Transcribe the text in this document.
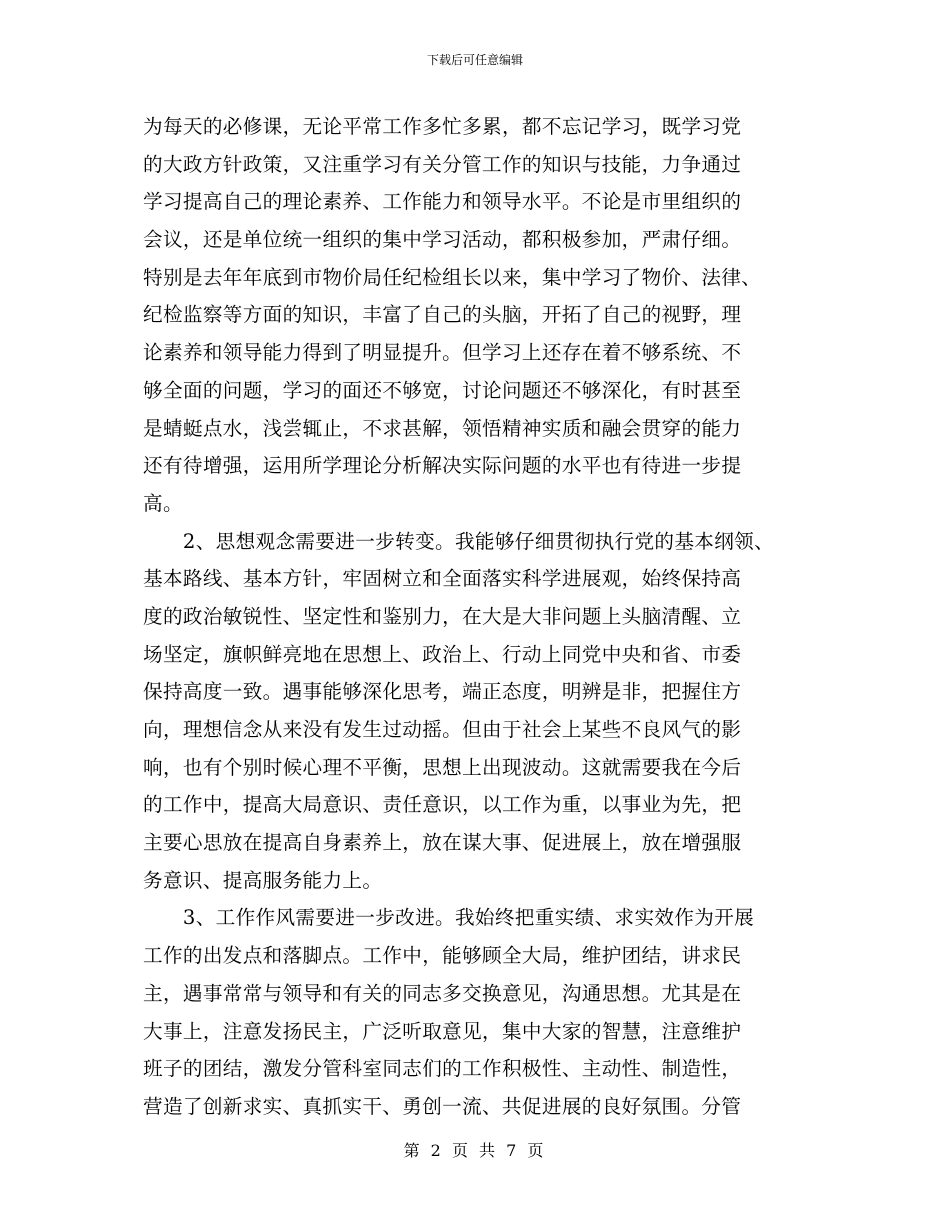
下载后可任意编辑
为每天的必修课，无论平常工作多忙多累，都不忘记学习，既学习党
的大政方针政策，又注重学习有关分管工作的知识与技能，力争通过
学习提高自己的理论素养、工作能力和领导水平。不论是市里组织的
会议，还是单位统一组织的集中学习活动，都积极参加，严肃仔细。
特别是去年年底到市物价局任纪检组长以来，集中学习了物价、法律、
纪检监察等方面的知识，丰富了自己的头脑，开拓了自己的视野，理
论素养和领导能力得到了明显提升。但学习上还存在着不够系统、不
够全面的问题，学习的面还不够宽，讨论问题还不够深化，有时甚至
是蜻蜓点水，浅尝辄止，不求甚解，领悟精神实质和融会贯穿的能力
还有待增强，运用所学理论分析解决实际问题的水平也有待进一步提
高。
　　2、思想观念需要进一步转变。我能够仔细贯彻执行党的基本纲领、
基本路线、基本方针，牢固树立和全面落实科学进展观，始终保持高
度的政治敏锐性、坚定性和鉴别力，在大是大非问题上头脑清醒、立
场坚定，旗帜鲜亮地在思想上、政治上、行动上同党中央和省、市委
保持高度一致。遇事能够深化思考，端正态度，明辨是非，把握住方
向，理想信念从来没有发生过动摇。但由于社会上某些不良风气的影
响，也有个别时候心理不平衡，思想上出现波动。这就需要我在今后
的工作中，提高大局意识、责任意识，以工作为重，以事业为先，把
主要心思放在提高自身素养上，放在谋大事、促进展上，放在增强服
务意识、提高服务能力上。
　　3、工作作风需要进一步改进。我始终把重实绩、求实效作为开展
工作的出发点和落脚点。工作中，能够顾全大局，维护团结，讲求民
主，遇事常常与领导和有关的同志多交换意见，沟通思想。尤其是在
大事上，注意发扬民主，广泛听取意见，集中大家的智慧，注意维护
班子的团结，激发分管科室同志们的工作积极性、主动性、制造性，
营造了创新求实、真抓实干、勇创一流、共促进展的良好氛围。分管
第 2 页 共 7 页
